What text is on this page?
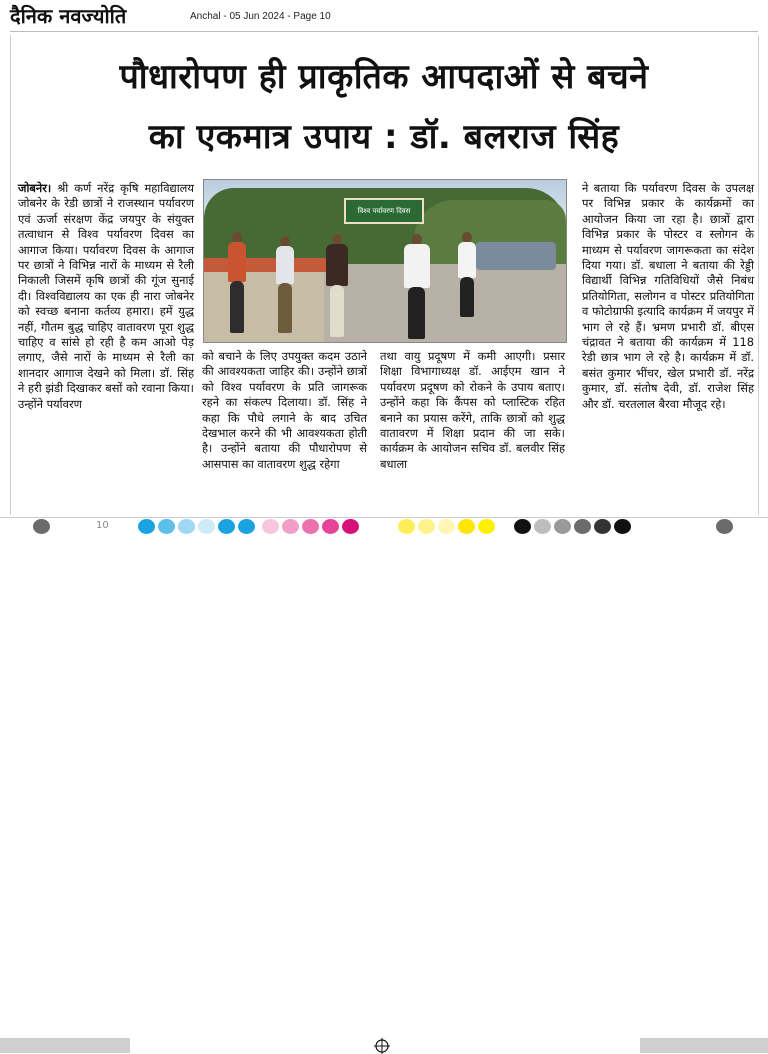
दैनिक नवज्योति	Anchal - 05 Jun 2024 - Page 10
पौधारोपण ही प्राकृतिक आपदाओं से बचने
का एकमात्र उपाय : डॉ. बलराज सिंह
जोबनेर। श्री कर्ण नरेंद्र कृषि महाविद्यालय जोबनेर के रेडी छात्रों ने राजस्थान पर्यावरण एवं ऊर्जा संरक्षण केंद्र जयपुर के संयुक्त तत्वाधान से विश्व पर्यावरण दिवस का आगाज किया। पर्यावरण दिवस के आगाज पर छात्रों ने विभिन्न नारों के माध्यम से रैली निकाली जिसमें कृषि छात्रों की गूंज सुनाई दी। विश्वविद्यालय का एक ही नारा जोबनेर को स्वच्छ बनाना कर्तव्य हमारा। हमें युद्ध नहीं, गौतम बुद्ध चाहिए वातावरण पूरा शुद्ध चाहिए व सांसे हो रही है कम आओ पेड़ लगाए, जैसे नारों के माध्यम से रैली का शानदार आगाज देखने को मिला। डॉ. सिंह ने हरी झंडी दिखाकर बसों को रवाना किया। उन्होंने पर्यावरण
विश्व पर्यावरण दिवस
को बचाने के लिए उपयुक्त कदम उठाने की आवश्यकता जाहिर की। उन्होंने छात्रों को विश्व पर्यावरण के प्रति जागरूक रहने का संकल्प दिलाया। डॉ. सिंह ने कहा कि पौधे लगाने के बाद उचित देखभाल करने की भी आवश्यकता होती है। उन्होंने बताया की पौधारोपण से आसपास का वातावरण शुद्ध रहेगा
तथा वायु प्रदूषण में कमी आएगी। प्रसार शिक्षा विभागाध्यक्ष डॉ. आईएम खान ने पर्यावरण प्रदूषण को रोकने के उपाय बताए। उन्होंने कहा कि कैंपस को प्लास्टिक रहित बनाने का प्रयास करेंगे, ताकि छात्रों को शुद्ध वातावरण में शिक्षा प्रदान की जा सके। कार्यक्रम के आयोजन सचिव डॉ. बलवीर सिंह बधाला
ने बताया कि पर्यावरण दिवस के उपलक्ष पर विभिन्न प्रकार के कार्यक्रमों का आयोजन किया जा रहा है। छात्रों द्वारा विभिन्न प्रकार के पोस्टर व स्लोगन के माध्यम से पर्यावरण जागरूकता का संदेश दिया गया। डॉ. बधाला ने बताया की रेड्डी विद्यार्थी विभिन्न गतिविधियों जैसे निबंध प्रतियोगिता, सलोगन व पोस्टर प्रतियोगिता व फोटोग्राफी इत्यादि कार्यक्रम में जयपुर में भाग ले रहे हैं। भ्रमण प्रभारी डॉ. बीएस चंद्रावत ने बताया की कार्यक्रम में 118 रेडी छात्र भाग ले रहे है। कार्यक्रम में डॉ. बसंत कुमार भींचर, खेल प्रभारी डॉ. नरेंद्र कुमार, डॉ. संतोष देवी, डॉ. राजेश सिंह और डॉ. चरतलाल बैरवा मौजूद रहे।
10
